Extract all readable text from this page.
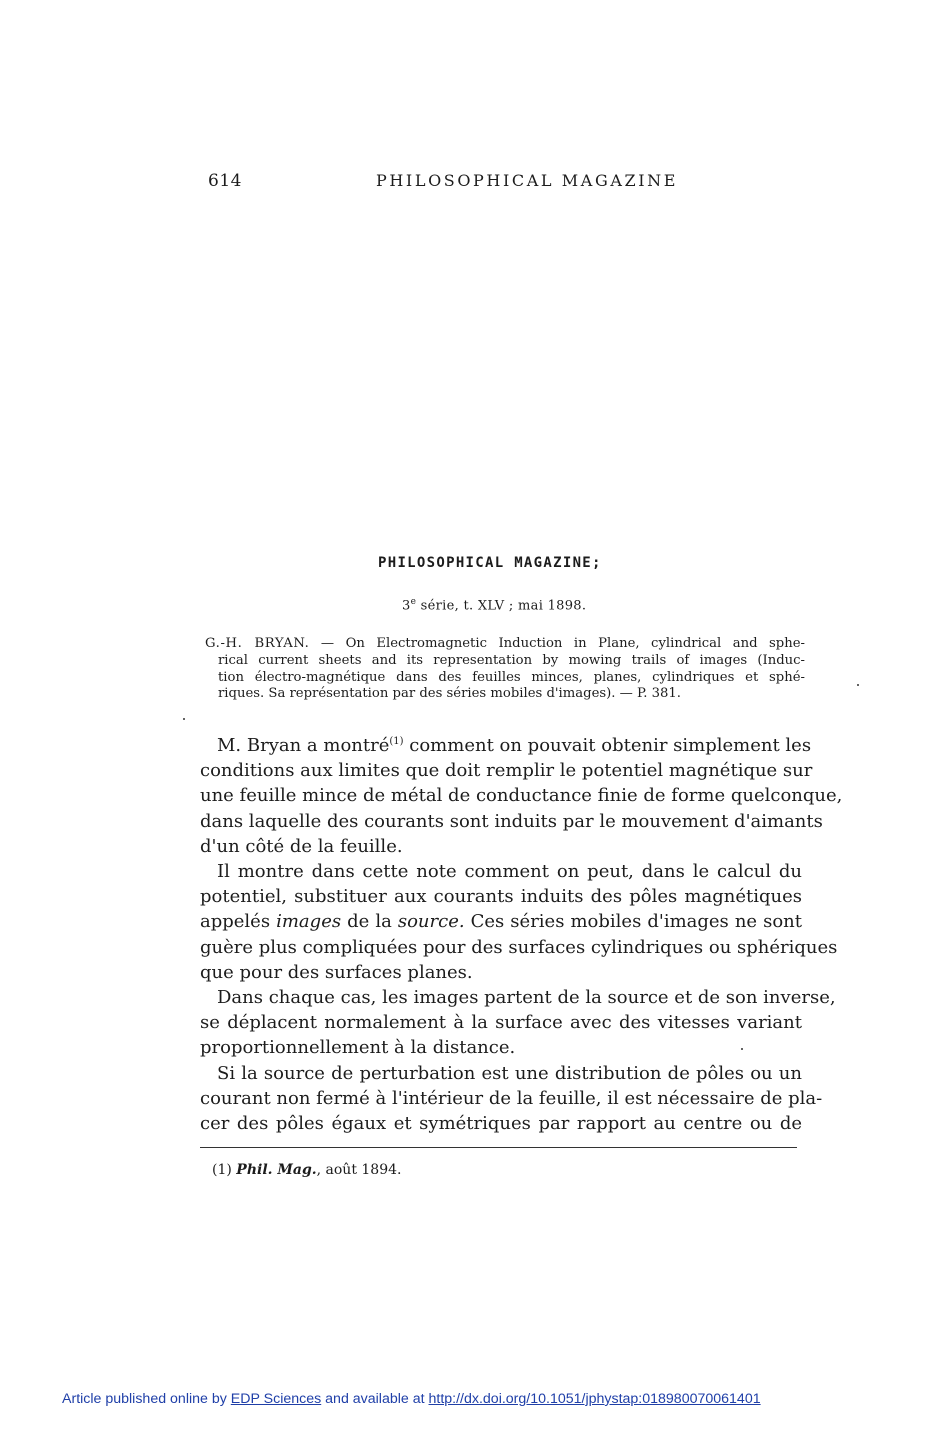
614	PHILOSOPHICAL MAGAZINE
PHILOSOPHICAL MAGAZINE;
3e série, t. XLV ; mai 1898.
G.-H. BRYAN. — On Electromagnetic Induction in Plane, cylindrical and sphe-
rical current sheets and its representation by mowing trails of images (Induc-
tion électro-magnétique dans des feuilles minces, planes, cylindriques et sphé-
riques. Sa représentation par des séries mobiles d'images). — P. 381.
M. Bryan a montré$^{(1)}$ comment on pouvait obtenir simplement les
conditions aux limites que doit remplir le potentiel magnétique sur
une feuille mince de métal de conductance finie de forme quelconque,
dans laquelle des courants sont induits par le mouvement d'aimants
d'un côté de la feuille.
Il montre dans cette note comment on peut, dans le calcul du
potentiel, substituer aux courants induits des pôles magnétiques
appelés images de la source. Ces séries mobiles d'images ne sont
guère plus compliquées pour des surfaces cylindriques ou sphériques
que pour des surfaces planes.
Dans chaque cas, les images partent de la source et de son inverse,
se déplacent normalement à la surface avec des vitesses variant
proportionnellement à la distance.
Si la source de perturbation est une distribution de pôles ou un
courant non fermé à l'intérieur de la feuille, il est nécessaire de pla-
cer des pôles égaux et symétriques par rapport au centre ou de
(1) Phil. Mag., août 1894.
Article published online by EDP Sciences and available at http://dx.doi.org/10.1051/jphystap:018980070061401
